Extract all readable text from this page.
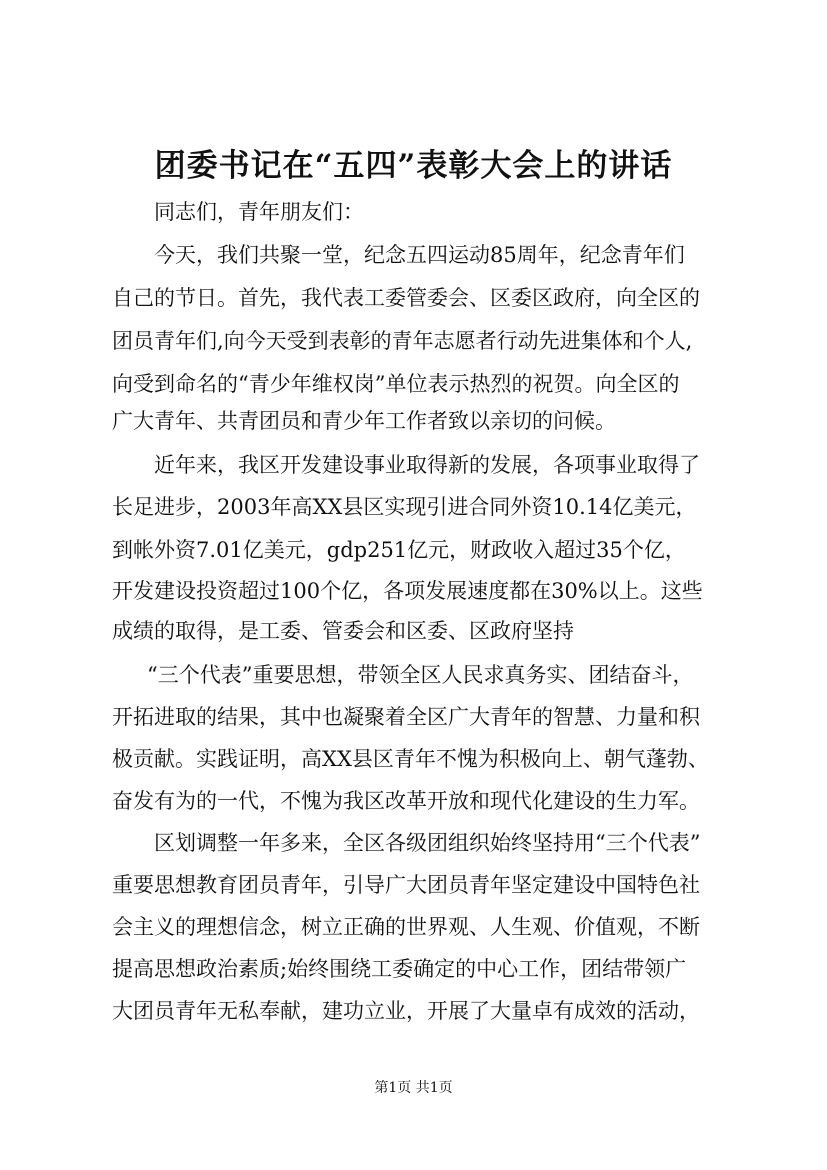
团委书记在“五四”表彰大会上的讲话

同志们，青年朋友们：

今天，我们共聚一堂，纪念五四运动85周年，纪念青年们

自己的节日。首先，我代表工委管委会、区委区政府，向全区的

团员青年们,向今天受到表彰的青年志愿者行动先进集体和个人,

向受到命名的“青少年维权岗”单位表示热烈的祝贺。向全区的

广大青年、共青团员和青少年工作者致以亲切的问候。

近年来，我区开发建设事业取得新的发展，各项事业取得了

长足进步，2003年高XX县区实现引进合同外资10.14亿美元，

到帐外资7.01亿美元，gdp251亿元，财政收入超过35个亿，

开发建设投资超过100个亿，各项发展速度都在30%以上。这些

成绩的取得，是工委、管委会和区委、区政府坚持

“三个代表”重要思想，带领全区人民求真务实、团结奋斗，

开拓进取的结果，其中也凝聚着全区广大青年的智慧、力量和积

极贡献。实践证明，高XX县区青年不愧为积极向上、朝气蓬勃、

奋发有为的一代，不愧为我区改革开放和现代化建设的生力军。

区划调整一年多来，全区各级团组织始终坚持用“三个代表”

重要思想教育团员青年，引导广大团员青年坚定建设中国特色社

会主义的理想信念，树立正确的世界观、人生观、价值观，不断

提高思想政治素质;始终围绕工委确定的中心工作，团结带领广

大团员青年无私奉献，建功立业，开展了大量卓有成效的活动，

第1页 共1页
